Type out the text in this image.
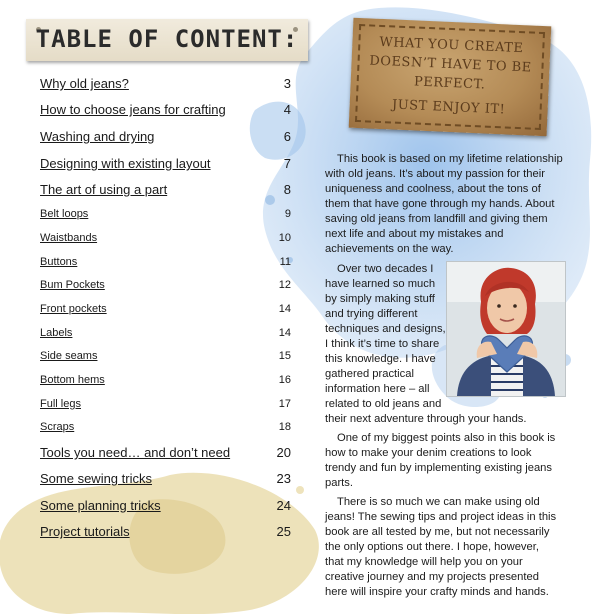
TABLE OF CONTENT:
Why old jeans?	3
How to choose jeans for crafting	4
Washing and drying	6
Designing with existing layout	7
The art of using a part	8
Belt loops	9
Waistbands	10
Buttons	11
Bum Pockets	12
Front pockets	14
Labels	14
Side seams	15
Bottom hems	16
Full legs	17
Scraps	18
Tools you need… and don’t need	20
Some sewing tricks	23
Some planning tricks	24
Project tutorials	25
WHAT YOU CREATE
DOESN’T HAVE TO BE
PERFECT.
JUST ENJOY IT!

This book is based on my lifetime relationship
with old jeans. It’s about my passion for their
uniqueness and coolness, about the tons of
them that have gone through my hands. About
saving old jeans from landfill and giving them
next life and about my mistakes and
achievements on the way.

Over two decades I
have learned so much
by simply making stuff
and trying different
techniques and designs,
I think it’s time to share
this knowledge. I have
gathered practical
information here – all
related to old jeans and
their next adventure through your hands.

One of my biggest points also in this book is
how to make your denim creations to look
trendy and fun by implementing existing jeans
parts.

There is so much we can make using old
jeans! The sewing tips and project ideas in this
book are all tested by me, but not necessarily
the only options out there. I hope, however,
that my knowledge will help you on your
creative journey and my projects presented
here will inspire your crafty minds and hands.
